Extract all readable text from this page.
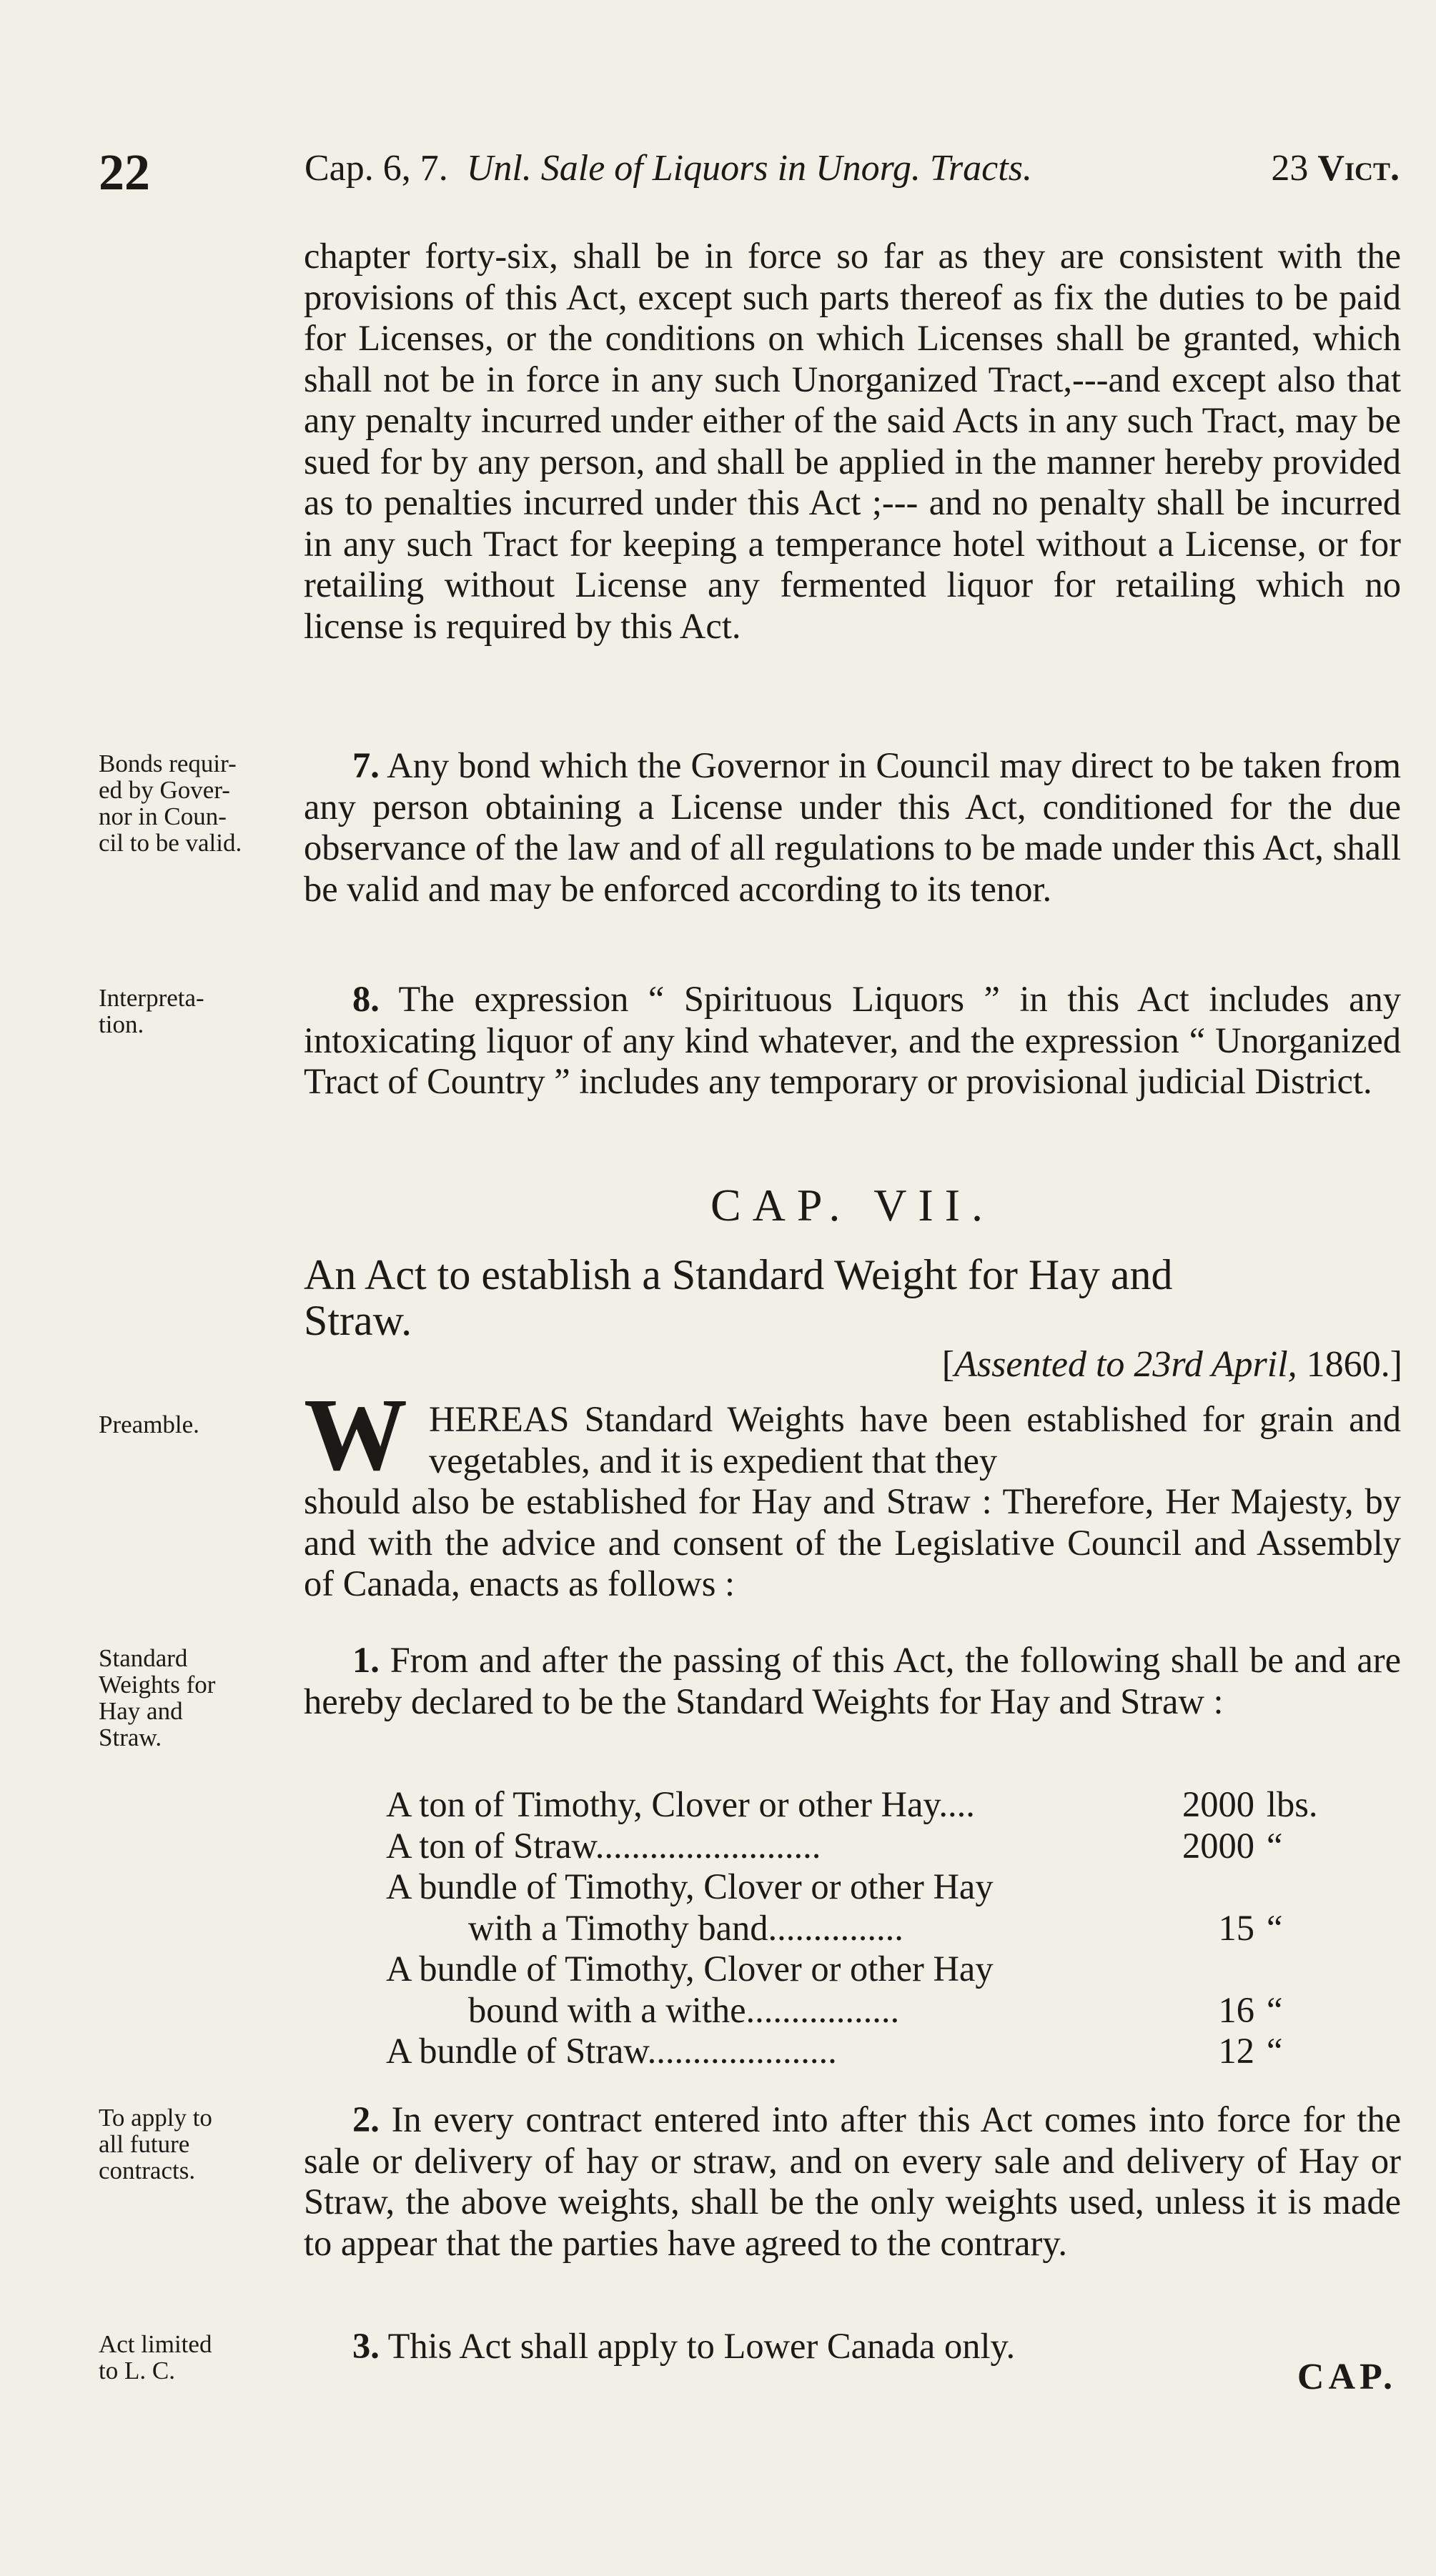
22	Cap. 6, 7. Unl. Sale of Liquors in Unorg. Tracts.	23 Vict.
chapter forty-six, shall be in force so far as they are consistent with the provisions of this Act, except such parts thereof as fix the duties to be paid for Licenses, or the conditions on which Licenses shall be granted, which shall not be in force in any such Unorganized Tract,---and except also that any penalty incurred under either of the said Acts in any such Tract, may be sued for by any person, and shall be applied in the manner hereby provided as to penalties incurred under this Act ;--- and no penalty shall be incurred in any such Tract for keeping a temperance hotel without a License, or for retailing without License any fermented liquor for retailing which no license is required by this Act.
Bonds requir-
ed by Gover-
nor in Coun-
cil to be valid.
7. Any bond which the Governor in Council may direct to be taken from any person obtaining a License under this Act, conditioned for the due observance of the law and of all regulations to be made under this Act, shall be valid and may be enforced according to its tenor.
Interpreta-
tion.
8. The expression “ Spirituous Liquors ” in this Act includes any intoxicating liquor of any kind whatever, and the expression “ Unorganized Tract of Country ” includes any temporary or provisional judicial District.
CAP. VII.
An Act to establish a Standard Weight for Hay and
Straw.
[Assented to 23rd April, 1860.]
Preamble.	W HEREAS Standard Weights have been established for grain and vegetables, and it is expedient that they
should also be established for Hay and Straw : Therefore, Her Majesty, by and with the advice and consent of the Legislative Council and Assembly of Canada, enacts as follows :
Standard
Weights for
Hay and
Straw.
1. From and after the passing of this Act, the following shall be and are hereby declared to be the Standard Weights for Hay and Straw :
A ton of Timothy, Clover or other Hay....	2000 lbs.
A ton of Straw.........................	2000 “
A bundle of Timothy, Clover or other Hay
with a Timothy band...............	15 “
A bundle of Timothy, Clover or other Hay
bound with a withe.................	16 “
A bundle of Straw.....................	12 “
To apply to
all future
contracts.
2. In every contract entered into after this Act comes into force for the sale or delivery of hay or straw, and on every sale and delivery of Hay or Straw, the above weights, shall be the only weights used, unless it is made to appear that the parties have agreed to the contrary.
Act limited
to L. C.
3. This Act shall apply to Lower Canada only.
CAP.
